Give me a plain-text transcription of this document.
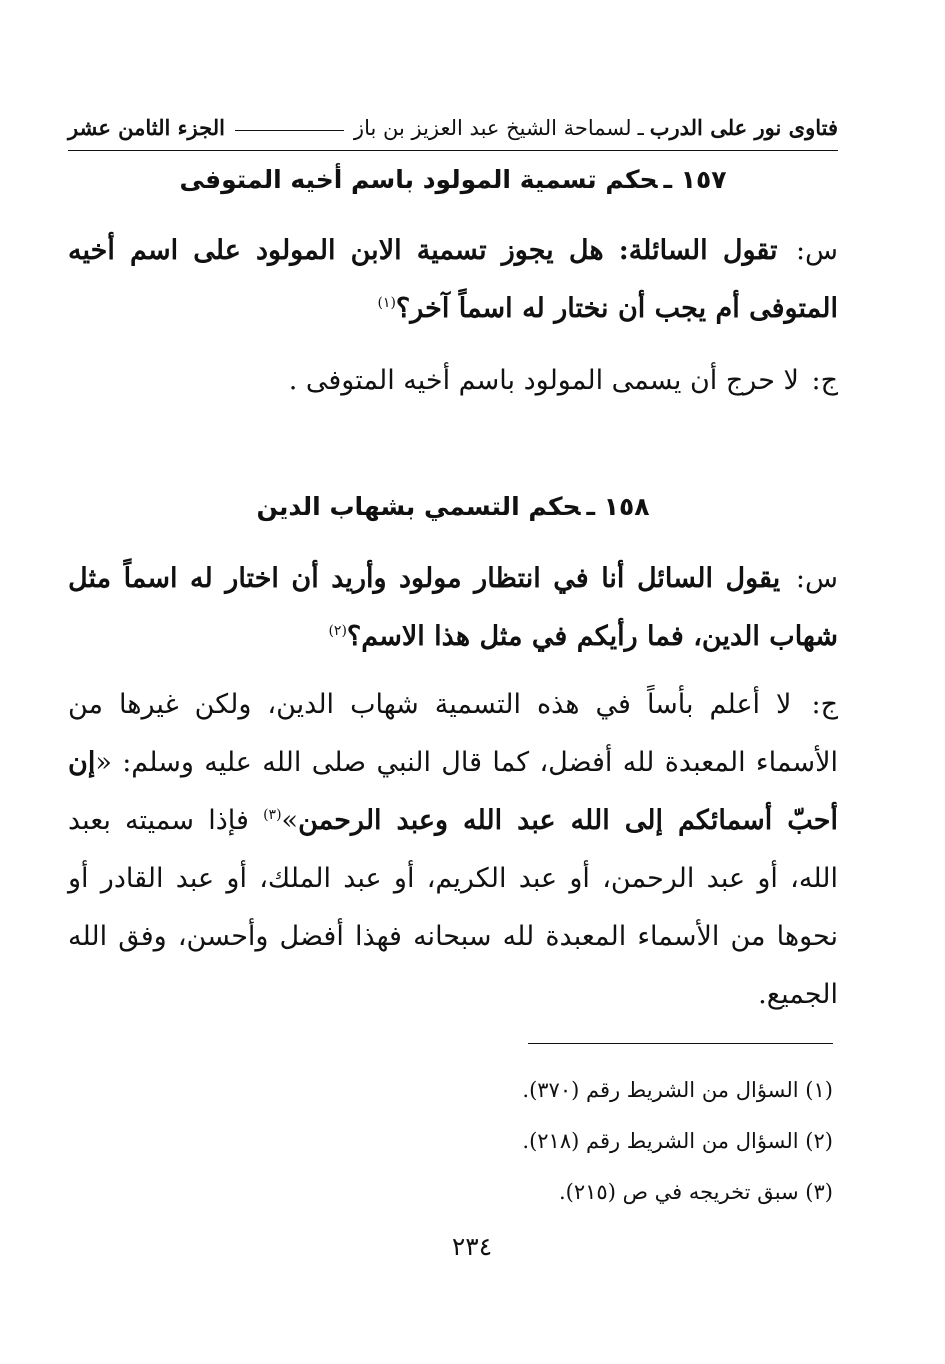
فتاوى نور على الدرب
ـ
لسماحة الشيخ عبد العزيز بن باز
الجزء الثامن عشر
١٥٧ ـحكم تسمية المولود باسم أخيه المتوفى
س: تقول السائلة: هل يجوز تسمية الابن المولود على اسم أخيه المتوفى أم يجب أن نختار له اسماً آخر؟$^{(١)}$
ج: لا حرج أن يسمى المولود باسم أخيه المتوفى .
١٥٨ ـحكم التسمي بشهاب الدين
س: يقول السائل أنا في انتظار مولود وأريد أن اختار له اسماً مثل شهاب الدين، فما رأيكم في مثل هذا الاسم؟$^{(٢)}$
ج: لا أعلم بأساً في هذه التسمية شهاب الدين، ولكن غيرها من الأسماء المعبدة لله أفضل، كما قال النبي صلى الله عليه وسلم: «إن أحبّ أسمائكم إلى الله عبد الله وعبد الرحمن»$^{(٣)}$ فإذا سميته بعبد الله، أو عبد الرحمن، أو عبد الكريم، أو عبد الملك، أو عبد القادر أو نحوها من الأسماء المعبدة لله سبحانه فهذا أفضل وأحسن، وفق الله الجميع.
(١) السؤال من الشريط رقم (٣٧٠).
(٢) السؤال من الشريط رقم (٢١٨).
(٣) سبق تخريجه في ص (٢١٥).
٢٣٤
